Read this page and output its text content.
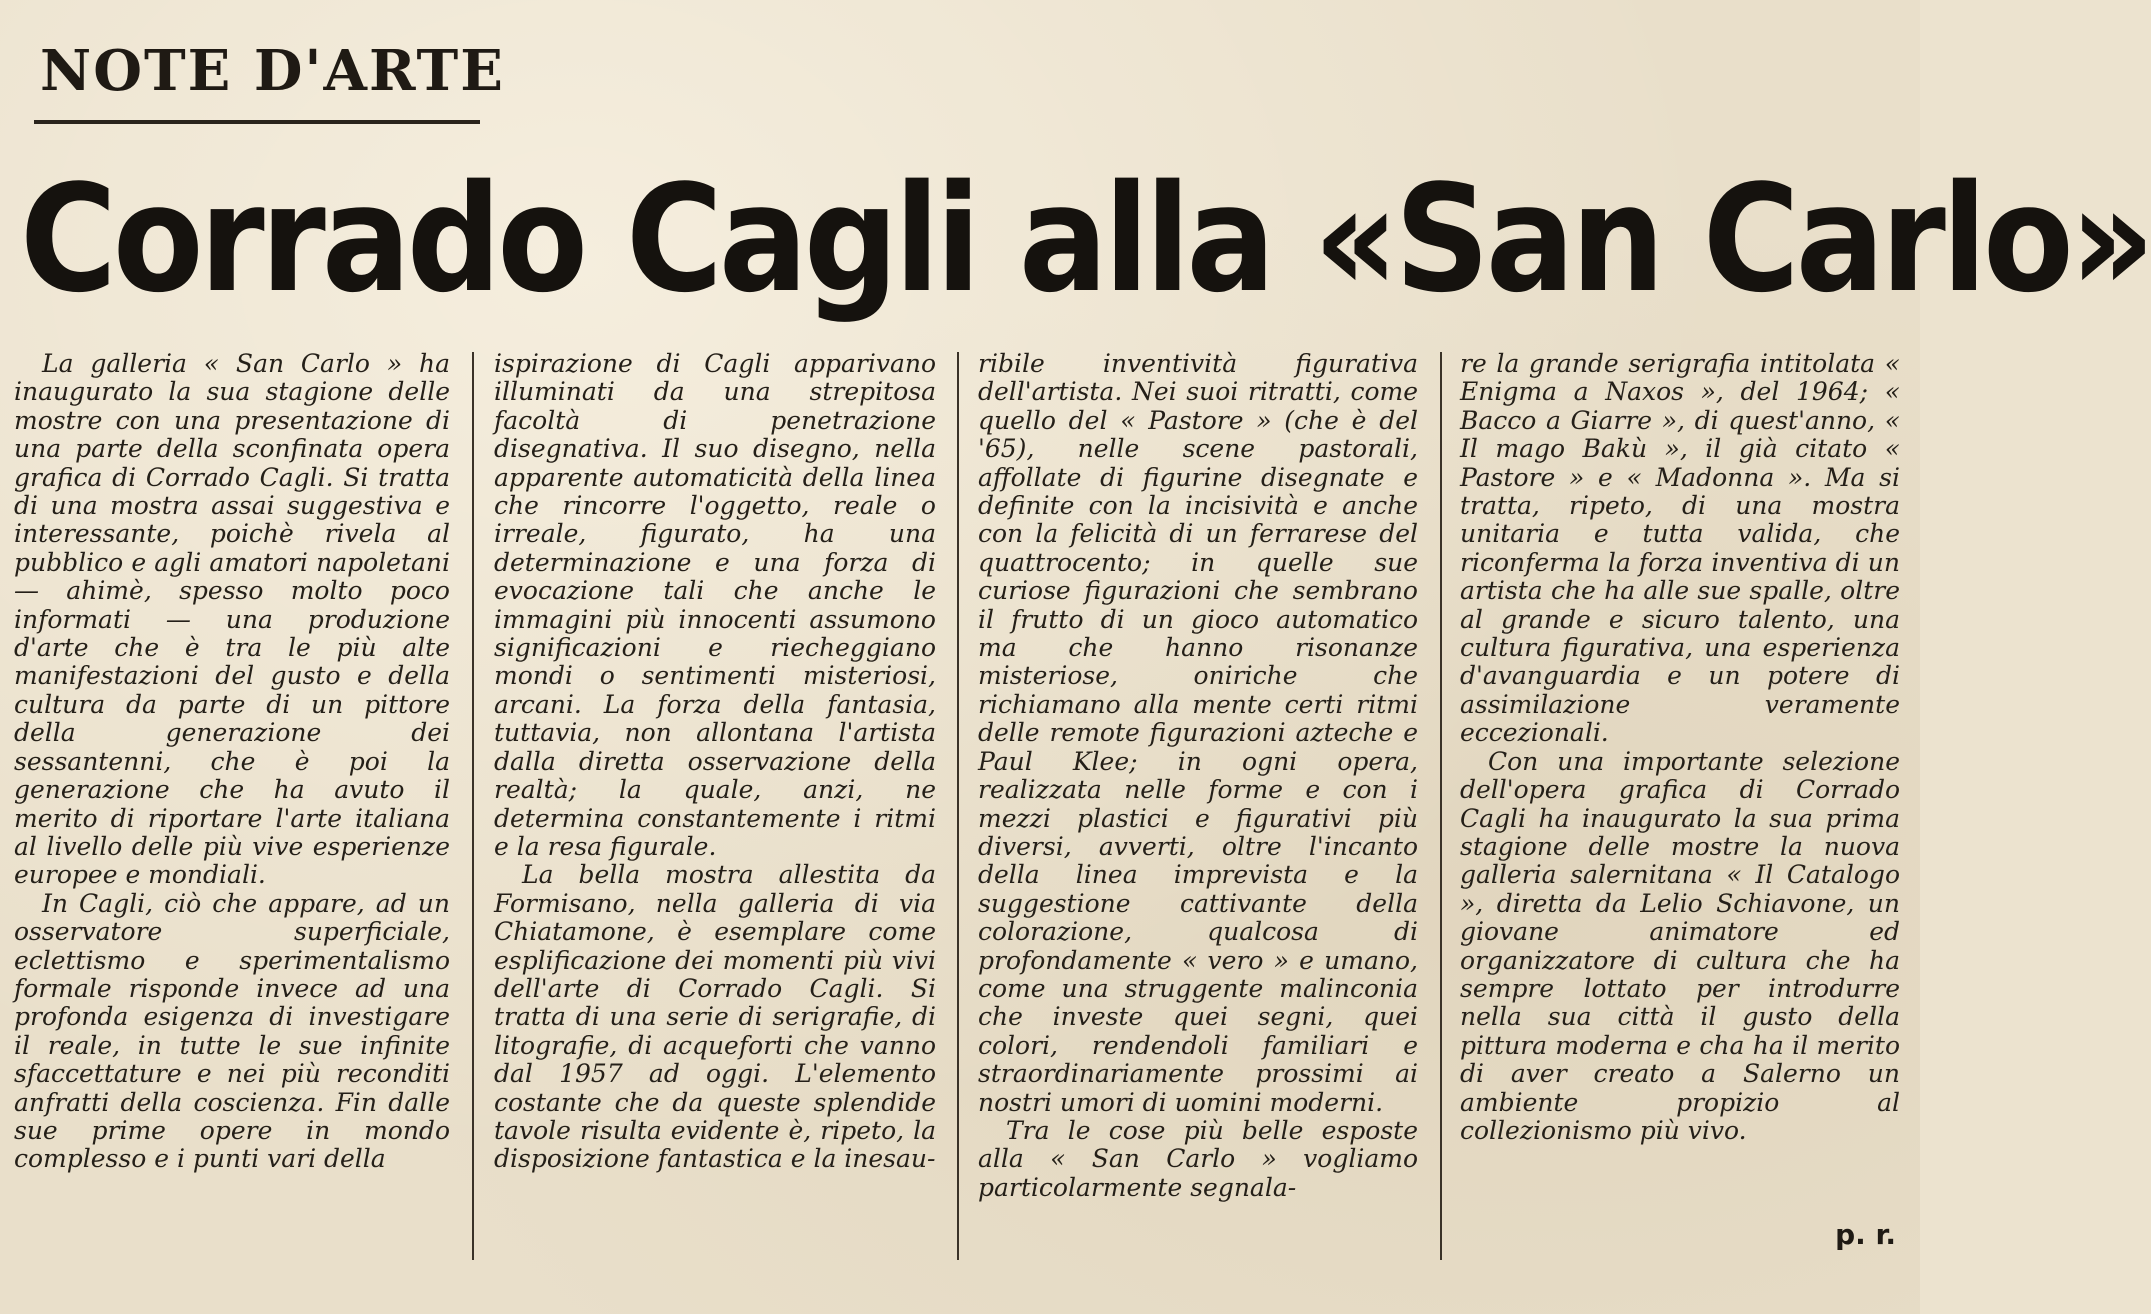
NOTE D'ARTE
Corrado Cagli alla «San Carlo»

La galleria « San Carlo » ha inaugurato la sua stagione delle mostre con una presentazione di una parte della sconfinata opera grafica di Corrado Cagli. Si tratta di una mostra assai suggestiva e interessante, poichè rivela al pubblico e agli amatori napoletani — ahimè, spesso molto poco informati — una produzione d'arte che è tra le più alte manifestazioni del gusto e della cultura da parte di un pittore della generazione dei sessantenni, che è poi la generazione che ha avuto il merito di riportare l'arte italiana al livello delle più vive esperienze europee e mondiali.

In Cagli, ciò che appare, ad un osservatore superficiale, eclettismo e sperimentalismo formale risponde invece ad una profonda esigenza di investigare il reale, in tutte le sue infinite sfaccettature e nei più reconditi anfratti della coscienza. Fin dalle sue prime opere in mondo complesso e i punti vari della

ispirazione di Cagli apparivano illuminati da una strepitosa facoltà di penetrazione disegnativa. Il suo disegno, nella apparente automaticità della linea che rincorre l'oggetto, reale o irreale, figurato, ha una determinazione e una forza di evocazione tali che anche le immagini più innocenti assumono significazioni e riecheggiano mondi o sentimenti misteriosi, arcani. La forza della fantasia, tuttavia, non allontana l'artista dalla diretta osservazione della realtà; la quale, anzi, ne determina constantemente i ritmi e la resa figurale.

La bella mostra allestita da Formisano, nella galleria di via Chiatamone, è esemplare come esplificazione dei momenti più vivi dell'arte di Corrado Cagli. Si tratta di una serie di serigrafie, di litografie, di acqueforti che vanno dal 1957 ad oggi. L'elemento costante che da queste splendide tavole risulta evidente è, ripeto, la disposizione fantastica e la inesau-

ribile inventività figurativa dell'artista. Nei suoi ritratti, come quello del « Pastore » (che è del '65), nelle scene pastorali, affollate di figurine disegnate e definite con la incisività e anche con la felicità di un ferrarese del quattrocento; in quelle sue curiose figurazioni che sembrano il frutto di un gioco automatico ma che hanno risonanze misteriose, oniriche che richiamano alla mente certi ritmi delle remote figurazioni azteche e Paul Klee; in ogni opera, realizzata nelle forme e con i mezzi plastici e figurativi più diversi, avverti, oltre l'incanto della linea imprevista e la suggestione cattivante della colorazione, qualcosa di profondamente « vero » e umano, come una struggente malinconia che investe quei segni, quei colori, rendendoli familiari e straordinariamente prossimi ai nostri umori di uomini moderni.

Tra le cose più belle esposte alla « San Carlo » vogliamo particolarmente segnala-

re la grande serigrafia intitolata « Enigma a Naxos », del 1964; « Bacco a Giarre », di quest'anno, « Il mago Bakù », il già citato « Pastore » e « Madonna ». Ma si tratta, ripeto, di una mostra unitaria e tutta valida, che riconferma la forza inventiva di un artista che ha alle sue spalle, oltre al grande e sicuro talento, una cultura figurativa, una esperienza d'avanguardia e un potere di assimilazione veramente eccezionali.

Con una importante selezione dell'opera grafica di Corrado Cagli ha inaugurato la sua prima stagione delle mostre la nuova galleria salernitana « Il Catalogo », diretta da Lelio Schiavone, un giovane animatore ed organizzatore di cultura che ha sempre lottato per introdurre nella sua città il gusto della pittura moderna e cha ha il merito di aver creato a Salerno un ambiente propizio al collezionismo più vivo.

p. r.
